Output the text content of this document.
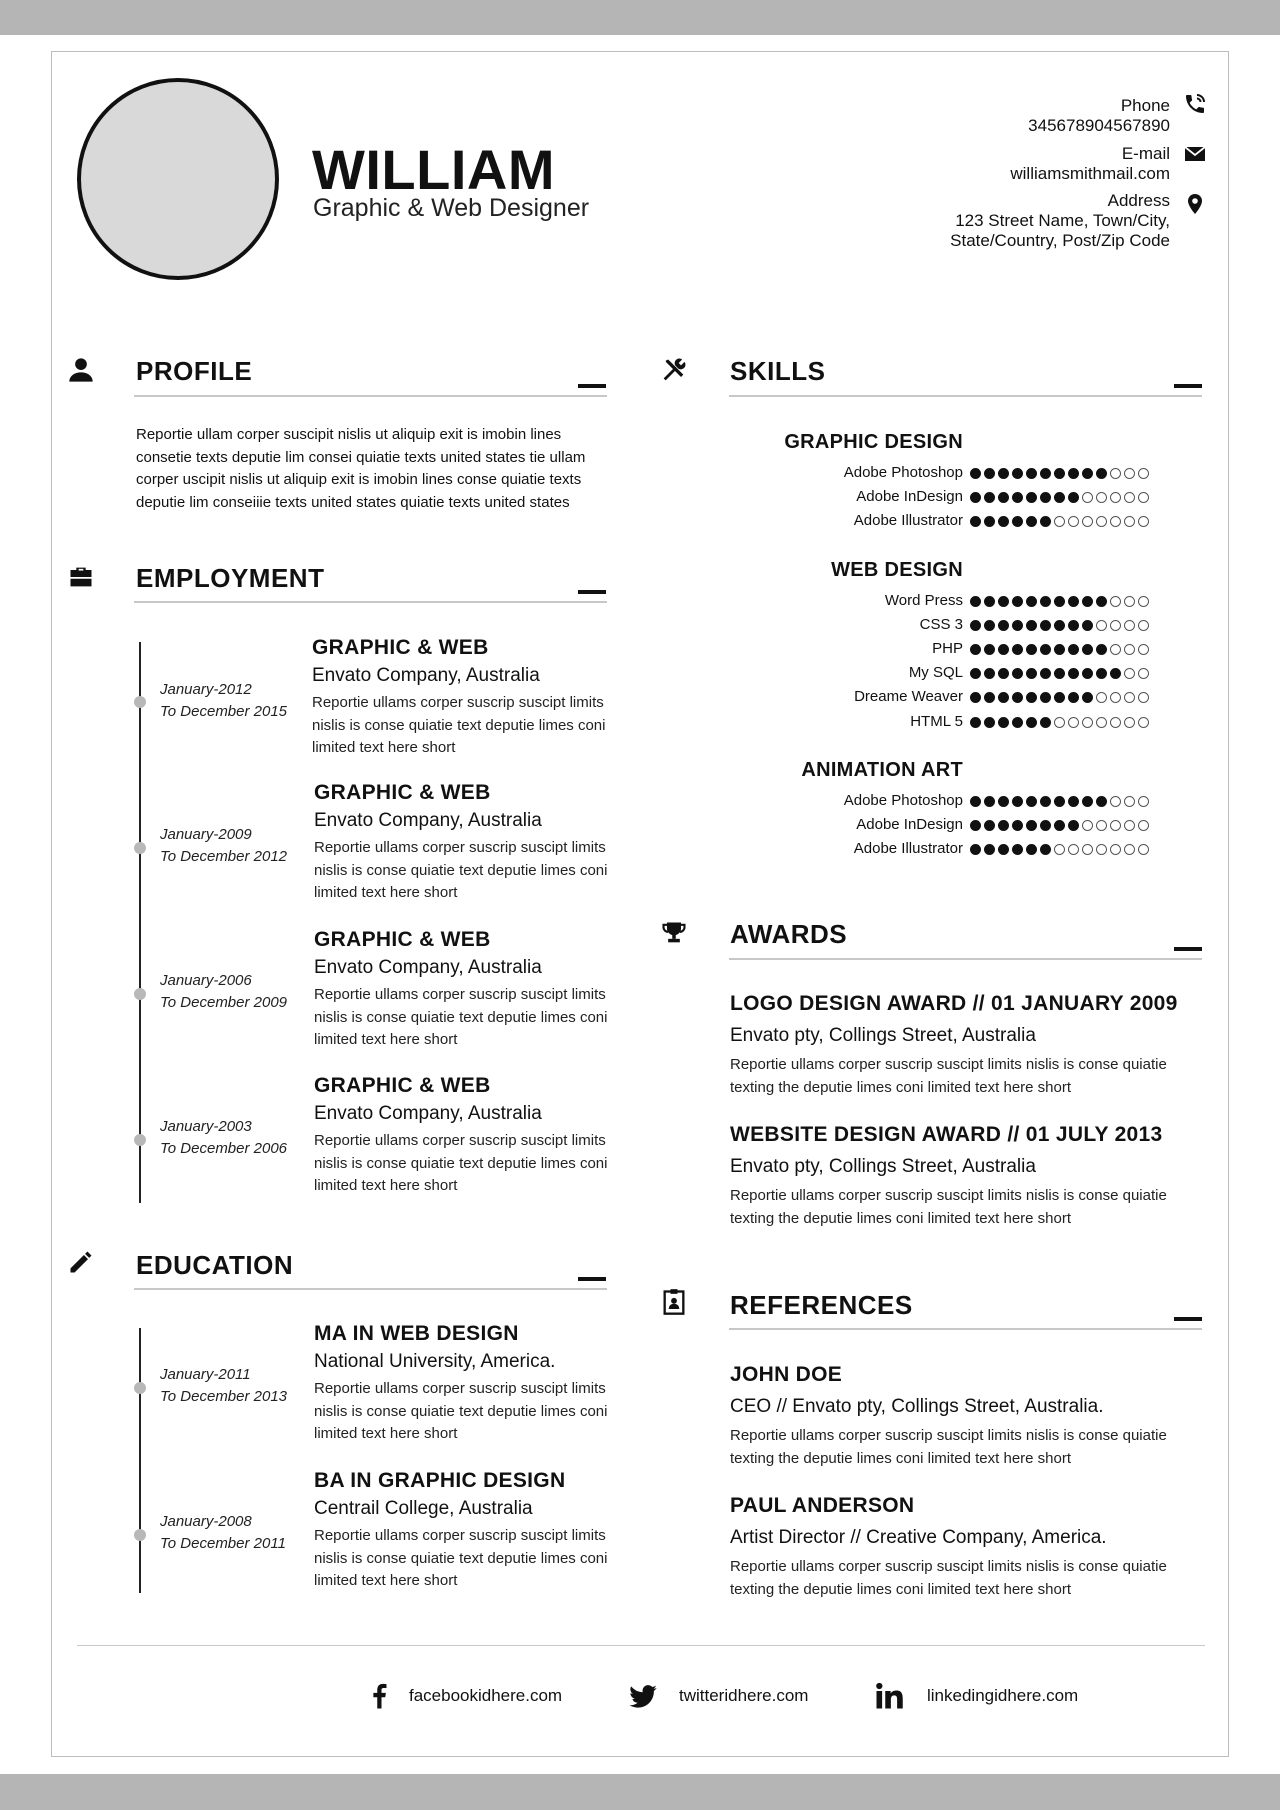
WILLIAM
Graphic & Web Designer
Phone
345678904567890
E-mail
williamsmithmail.com
Address
123 Street Name, Town/City,
State/Country, Post/Zip Code
PROFILE
Reportie ullam corper suscipit nislis ut aliquip exit is imobin lines consetie texts deputie lim consei quiatie texts united states tie ullam corper uscipit nislis ut aliquip exit is imobin lines conse quiatie texts deputie lim conseiiie texts united states quiatie texts united states
EMPLOYMENT
January-2012
To December 2015
GRAPHIC & WEB
Envato Company, Australia
Reportie ullams corper suscrip suscipt limits nislis is conse quiatie text deputie limes coni limited text here short
January-2009
To December 2012
GRAPHIC & WEB
Envato Company, Australia
Reportie ullams corper suscrip suscipt limits nislis is conse quiatie text deputie limes coni limited text here short
January-2006
To December 2009
GRAPHIC & WEB
Envato Company, Australia
Reportie ullams corper suscrip suscipt limits nislis is conse quiatie text deputie limes coni limited text here short
January-2003
To December 2006
GRAPHIC & WEB
Envato Company, Australia
Reportie ullams corper suscrip suscipt limits nislis is conse quiatie text deputie limes coni limited text here short
EDUCATION
January-2011
To December 2013
MA IN WEB DESIGN
National University, America.
Reportie ullams corper suscrip suscipt limits nislis is conse quiatie text deputie limes coni limited text here short
January-2008
To December 2011
BA IN GRAPHIC DESIGN
Centrail College, Australia
Reportie ullams corper suscrip suscipt limits nislis is conse quiatie text deputie limes coni limited text here short
SKILLS
GRAPHIC DESIGN
Adobe Photoshop
Adobe InDesign
Adobe Illustrator
WEB DESIGN
Word Press
CSS 3
PHP
My SQL
Dreame Weaver
HTML 5
ANIMATION ART
Adobe Photoshop
Adobe InDesign
Adobe Illustrator
AWARDS
LOGO DESIGN AWARD // 01 JANUARY 2009
Envato pty, Collings Street, Australia
Reportie ullams corper suscrip suscipt limits nislis is conse quiatie texting the deputie limes coni limited text here short
WEBSITE DESIGN AWARD // 01 JULY 2013
Envato pty, Collings Street, Australia
Reportie ullams corper suscrip suscipt limits nislis is conse quiatie texting the deputie limes coni limited text here short
REFERENCES
JOHN DOE
CEO // Envato pty, Collings Street, Australia.
Reportie ullams corper suscrip suscipt limits nislis is conse quiatie texting the deputie limes coni limited text here short
PAUL ANDERSON
Artist Director // Creative Company, America.
Reportie ullams corper suscrip suscipt limits nislis is conse quiatie texting the deputie limes coni limited text here short
facebookidhere.com	twitteridhere.com	linkedingidhere.com
